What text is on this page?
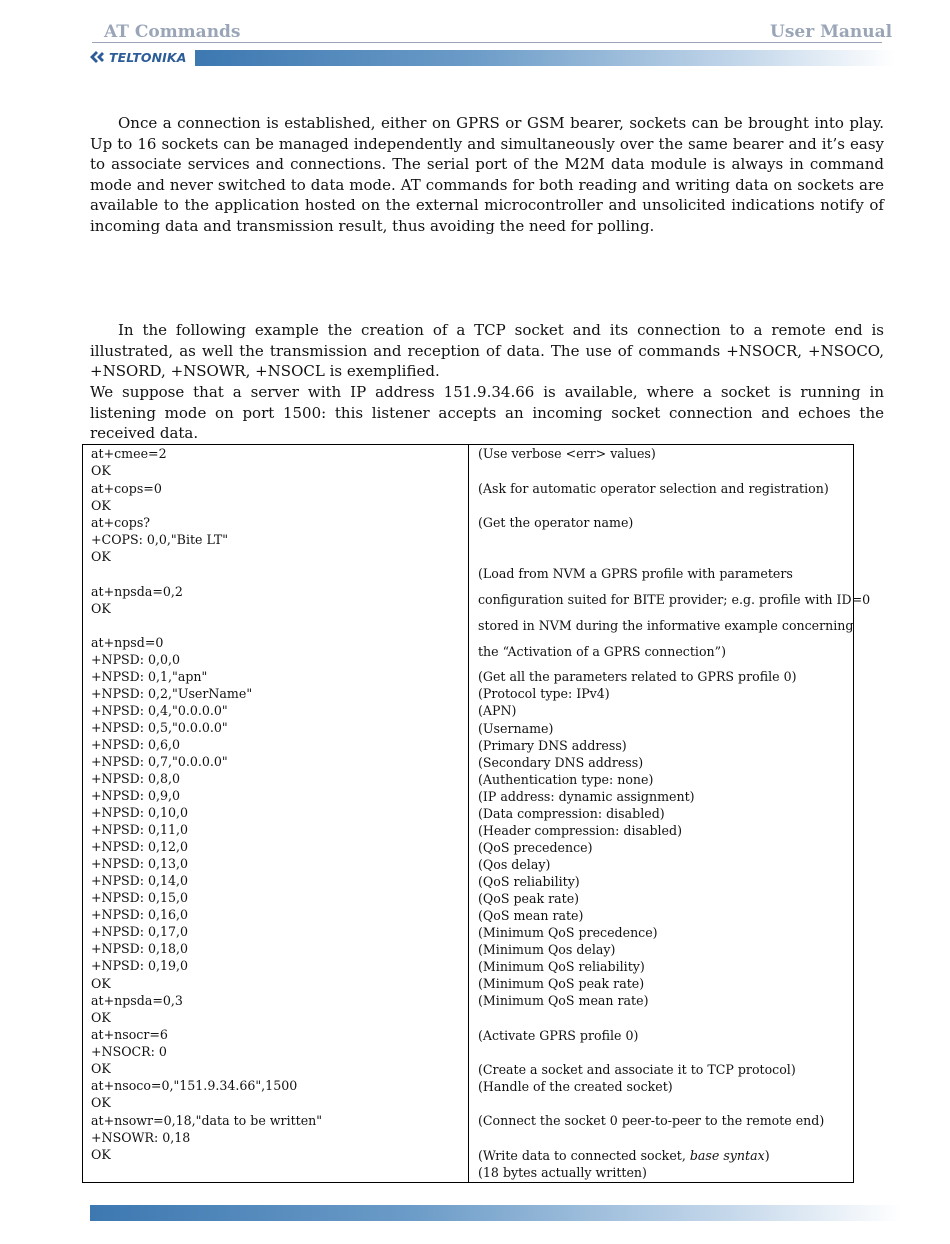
AT Commands	User Manual
TELTONIKA

Once a connection is established, either on GPRS or GSM bearer, sockets can be brought into play. Up to 16 sockets can be managed independently and simultaneously over the same bearer and it’s easy to associate services and connections. The serial port of the M2M data module is always in command mode and never switched to data mode. AT commands for both reading and writing data on sockets are available to the application hosted on the external microcontroller and unsolicited indications notify of incoming data and transmission result, thus avoiding the need for polling.

In the following example the creation of a TCP socket and its connection to a remote end is illustrated, as well the transmission and reception of data. The use of commands +NSOCR, +NSOCO, +NSORD, +NSOWR, +NSOCL is exemplified.

We suppose that a server with IP address 151.9.34.66 is available, where a socket is running in listening mode on port 1500: this listener accepts an incoming socket connection and echoes the received data.

at+cmee=2
OK
at+cops=0
OK
at+cops?
+COPS: 0,0,"Bite LT"
OK
at+npsda=0,2
OK
at+npsd=0
+NPSD: 0,0,0
+NPSD: 0,1,"apn"
+NPSD: 0,2,"UserName"
+NPSD: 0,4,"0.0.0.0"
+NPSD: 0,5,"0.0.0.0"
+NPSD: 0,6,0
+NPSD: 0,7,"0.0.0.0"
+NPSD: 0,8,0
+NPSD: 0,9,0
+NPSD: 0,10,0
+NPSD: 0,11,0
+NPSD: 0,12,0
+NPSD: 0,13,0
+NPSD: 0,14,0
+NPSD: 0,15,0
+NPSD: 0,16,0
+NPSD: 0,17,0
+NPSD: 0,18,0
+NPSD: 0,19,0
OK
at+npsda=0,3
OK
at+nsocr=6
+NSOCR: 0
OK
at+nsoco=0,"151.9.34.66",1500
OK
at+nsowr=0,18,"data to be written"
+NSOWR: 0,18
OK
(Use verbose <err> values)
(Ask for automatic operator selection and registration)
(Get the operator name)
(Load from NVM a GPRS profile with parameters
configuration suited for BITE provider; e.g. profile with ID=0
stored in NVM during the informative example concerning
the “Activation of a GPRS connection”)
(Get all the parameters related to GPRS profile 0)
(Protocol type: IPv4)
(APN)
(Username)
(Primary DNS address)
(Secondary DNS address)
(Authentication type: none)
(IP address: dynamic assignment)
(Data compression: disabled)
(Header compression: disabled)
(QoS precedence)
(Qos delay)
(QoS reliability)
(QoS peak rate)
(QoS mean rate)
(Minimum QoS precedence)
(Minimum Qos delay)
(Minimum QoS reliability)
(Minimum QoS peak rate)
(Minimum QoS mean rate)
(Activate GPRS profile 0)
(Create a socket and associate it to TCP protocol)
(Handle of the created socket)
(Connect the socket 0 peer-to-peer to the remote end)
(Write data to connected socket, base syntax)
(18 bytes actually written)
